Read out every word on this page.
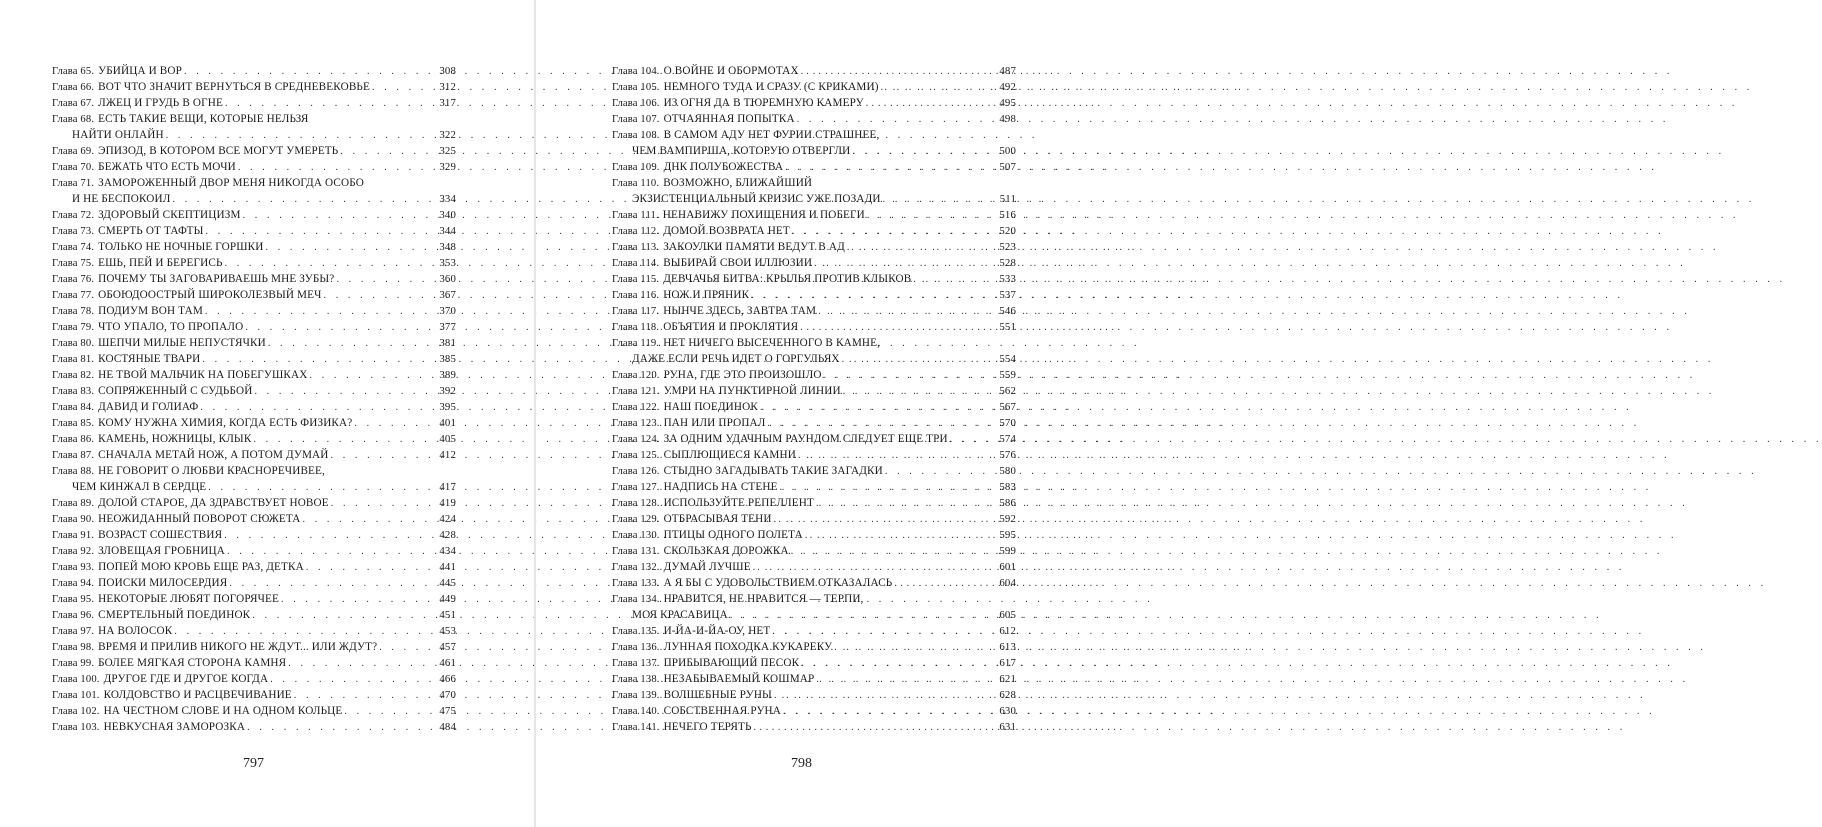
Глава 65. УБИЙЦА И ВОР . . .	308
Глава 66. ВОТ ЧТО ЗНАЧИТ ВЕРНУТЬСЯ В СРЕДНЕВЕКОВЬЕ . . .	312
Глава 67. ЛЖЕЦ И ГРУДЬ В ОГНЕ . . .	317
Глава 68. ЕСТЬ ТАКИЕ ВЕЩИ, КОТОРЫЕ НЕЛЬЗЯ
НАЙТИ ОНЛАЙН . . .	322
Глава 69. ЭПИЗОД, В КОТОРОМ ВСЕ МОГУТ УМЕРЕТЬ . . .	325
Глава 70. БЕЖАТЬ ЧТО ЕСТЬ МОЧИ . . .	329
Глава 71. ЗАМОРОЖЕННЫЙ ДВОР МЕНЯ НИКОГДА ОСОБО
И НЕ БЕСПОКОИЛ . . .	334
Глава 72. ЗДОРОВЫЙ СКЕПТИЦИЗМ . . .	340
Глава 73. СМЕРТЬ ОТ ТАФТЫ . . .	344
Глава 74. ТОЛЬКО НЕ НОЧНЫЕ ГОРШКИ . . .	348
Глава 75. ЕШЬ, ПЕЙ И БЕРЕГИСЬ . . .	353
Глава 76. ПОЧЕМУ ТЫ ЗАГОВАРИВАЕШЬ МНЕ ЗУБЫ? . . .	360
Глава 77. ОБОЮДООСТРЫЙ ШИРОКОЛЕЗВЫЙ МЕЧ . . .	367
Глава 78. ПОДИУМ ВОН ТАМ . . .	370
Глава 79. ЧТО УПАЛО, ТО ПРОПАЛО . . .	377
Глава 80. ШЕПЧИ МИЛЫЕ НЕПУСТЯЧКИ . . .	381
Глава 81. КОСТЯНЫЕ ТВАРИ . . .	385
Глава 82. НЕ ТВОЙ МАЛЬЧИК НА ПОБЕГУШКАХ . . .	389
Глава 83. СОПРЯЖЕННЫЙ С СУДЬБОЙ . . .	392
Глава 84. ДАВИД И ГОЛИАФ . . .	395
Глава 85. КОМУ НУЖНА ХИМИЯ, КОГДА ЕСТЬ ФИЗИКА? . . .	401
Глава 86. КАМЕНЬ, НОЖНИЦЫ, КЛЫК . . .	405
Глава 87. СНАЧАЛА МЕТАЙ НОЖ, А ПОТОМ ДУМАЙ . . .	412
Глава 88. НЕ ГОВОРИТ О ЛЮБВИ КРАСНОРЕЧИВЕЕ,
ЧЕМ КИНЖАЛ В СЕРДЦЕ . . .	417
Глава 89. ДОЛОЙ СТАРОЕ, ДА ЗДРАВСТВУЕТ НОВОЕ . . .	419
Глава 90. НЕОЖИДАННЫЙ ПОВОРОТ СЮЖЕТА . . .	424
Глава 91. ВОЗРАСТ СОШЕСТВИЯ . . .	428
Глава 92. ЗЛОВЕЩАЯ ГРОБНИЦА . . .	434
Глава 93. ПОПЕЙ МОЮ КРОВЬ ЕЩЕ РАЗ, ДЕТКА . . .	441
Глава 94. ПОИСКИ МИЛОСЕРДИЯ . . .	445
Глава 95. НЕКОТОРЫЕ ЛЮБЯТ ПОГОРЯЧЕЕ . . .	449
Глава 96. СМЕРТЕЛЬНЫЙ ПОЕДИНОК . . .	451
Глава 97. НА ВОЛОСОК . . .	453
Глава 98. ВРЕМЯ И ПРИЛИВ НИКОГО НЕ ЖДУТ... ИЛИ ЖДУТ? . . .	457
Глава 99. БОЛЕЕ МЯГКАЯ СТОРОНА КАМНЯ . . .	461
Глава 100. ДРУГОЕ ГДЕ И ДРУГОЕ КОГДА . . .	466
Глава 101. КОЛДОВСТВО И РАСЦВЕЧИВАНИЕ . . .	470
Глава 102. НА ЧЕСТНОМ СЛОВЕ И НА ОДНОМ КОЛЬЦЕ . . .	475
Глава 103. НЕВКУСНАЯ ЗАМОРОЗКА . . .	484
797
Глава 104. О ВОЙНЕ И ОБОРМОТАХ . . .	487
Глава 105. НЕМНОГО ТУДА И СРАЗУ (С КРИКАМИ) . . .	492
Глава 106. ИЗ ОГНЯ ДА В ТЮРЕМНУЮ КАМЕРУ . . .	495
Глава 107. ОТЧАЯННАЯ ПОПЫТКА . . .	498
Глава 108. В САМОМ АДУ НЕТ ФУРИИ СТРАШНЕЕ,
ЧЕМ ВАМПИРША, КОТОРУЮ ОТВЕРГЛИ . . .	500
Глава 109. ДНК ПОЛУБОЖЕСТВА . . .	507
Глава 110. ВОЗМОЖНО, БЛИЖАЙШИЙ
ЭКЗИСТЕНЦИАЛЬНЫЙ КРИЗИС УЖЕ ПОЗАДИ . . .	511
Глава 111. НЕНАВИЖУ ПОХИЩЕНИЯ И ПОБЕГИ . . .	516
Глава 112. ДОМОЙ ВОЗВРАТА НЕТ . . .	520
Глава 113. ЗАКОУЛКИ ПАМЯТИ ВЕДУТ В АД . . .	523
Глава 114. ВЫБИРАЙ СВОИ ИЛЛЮЗИИ . . .	528
Глава 115. ДЕВЧАЧЬЯ БИТВА: КРЫЛЬЯ ПРОТИВ КЛЫКОВ . . .	533
Глава 116. НОЖ И ПРЯНИК . . .	537
Глава 117. НЫНЧЕ ЗДЕСЬ, ЗАВТРА ТАМ . . .	546
Глава 118. ОБЪЯТИЯ И ПРОКЛЯТИЯ . . .	551
Глава 119. НЕТ НИЧЕГО ВЫСЕЧЕННОГО В КАМНЕ,
ДАЖЕ ЕСЛИ РЕЧЬ ИДЕТ О ГОРГУЛЬЯХ . . .	554
Глава 120. РУНА, ГДЕ ЭТО ПРОИЗОШЛО . . .	559
Глава 121. УМРИ НА ПУНКТИРНОЙ ЛИНИИ . . .	562
Глава 122. НАШ ПОЕДИНОК . . .	567
Глава 123. ПАН ИЛИ ПРОПАЛ . . .	570
Глава 124. ЗА ОДНИМ УДАЧНЫМ РАУНДОМ СЛЕДУЕТ ЕЩЕ ТРИ . . .	574
Глава 125. СЫПЛЮЩИЕСЯ КАМНИ . . .	576
Глава 126. СТЫДНО ЗАГАДЫВАТЬ ТАКИЕ ЗАГАДКИ . . .	580
Глава 127. НАДПИСЬ НА СТЕНЕ . . .	583
Глава 128. ИСПОЛЬЗУЙТЕ РЕПЕЛЛЕНТ . . .	586
Глава 129. ОТБРАСЫВАЯ ТЕНИ . . .	592
Глава 130. ПТИЦЫ ОДНОГО ПОЛЕТА . . .	595
Глава 131. СКОЛЬЗКАЯ ДОРОЖКА . . .	599
Глава 132. ДУМАЙ ЛУЧШЕ . . .	601
Глава 133. А Я БЫ С УДОВОЛЬСТВИЕМ ОТКАЗАЛАСЬ . . .	604
Глава 134. НРАВИТСЯ, НЕ НРАВИТСЯ — ТЕРПИ,
МОЯ КРАСАВИЦА . . .	605
Глава 135. И-ЙА-И-ЙА-ОУ, НЕТ . . .	612
Глава 136. ЛУННАЯ ПОХОДКА КУКАРЕКУ . . .	613
Глава 137. ПРИБЫВАЮЩИЙ ПЕСОК . . .	617
Глава 138. НЕЗАБЫВАЕМЫЙ КОШМАР . . .	621
Глава 139. ВОЛШЕБНЫЕ РУНЫ . . .	628
Глава 140. СОБСТВЕННАЯ РУНА . . .	630
Глава 141. НЕЧЕГО ТЕРЯТЬ . . .	631
798
